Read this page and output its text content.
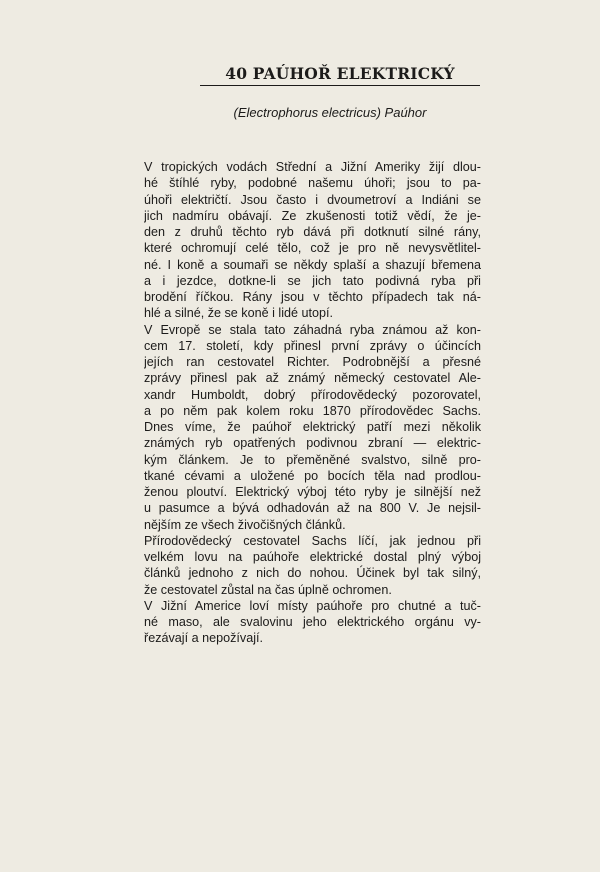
40 PAÚHOŘ ELEKTRICKÝ

(Electrophorus electricus) Paúhor

V tropických vodách Střední a Jižní Ameriky žijí dlou-
hé štíhlé ryby, podobné našemu úhoři; jsou to pa-
úhoři električtí. Jsou často i dvoumetroví a Indiáni se
jich nadmíru obávají. Ze zkušenosti totiž vědí, že je-
den z druhů těchto ryb dává při dotknutí silné rány,
které ochromují celé tělo, což je pro ně nevysvětlitel-
né. I koně a soumaři se někdy splaší a shazují břemena
a i jezdce, dotkne-li se jich tato podivná ryba při
brodění říčkou. Rány jsou v těchto případech tak ná-
hlé a silné, že se koně i lidé utopí.
V Evropě se stala tato záhadná ryba známou až kon-
cem 17. století, kdy přinesl první zprávy o účincích
jejích ran cestovatel Richter. Podrobnější a přesné
zprávy přinesl pak až známý německý cestovatel Ale-
xandr Humboldt, dobrý přírodovědecký pozorovatel,
a po něm pak kolem roku 1870 přírodovědec Sachs.
Dnes víme, že paúhoř elektrický patří mezi několik
známých ryb opatřených podivnou zbraní — elektric-
kým článkem. Je to přeměněné svalstvo, silně pro-
tkané cévami a uložené po bocích těla nad prodlou-
ženou ploutví. Elektrický výboj této ryby je silnější než
u pasumce a bývá odhadován až na 800 V. Je nejsil-
nějším ze všech živočišných článků.
Přírodovědecký cestovatel Sachs líčí, jak jednou při
velkém lovu na paúhoře elektrické dostal plný výboj
článků jednoho z nich do nohou. Účinek byl tak silný,
že cestovatel zůstal na čas úplně ochromen.
V Jižní Americe loví místy paúhoře pro chutné a tuč-
né maso, ale svalovinu jeho elektrického orgánu vy-
řezávají a nepožívají.
